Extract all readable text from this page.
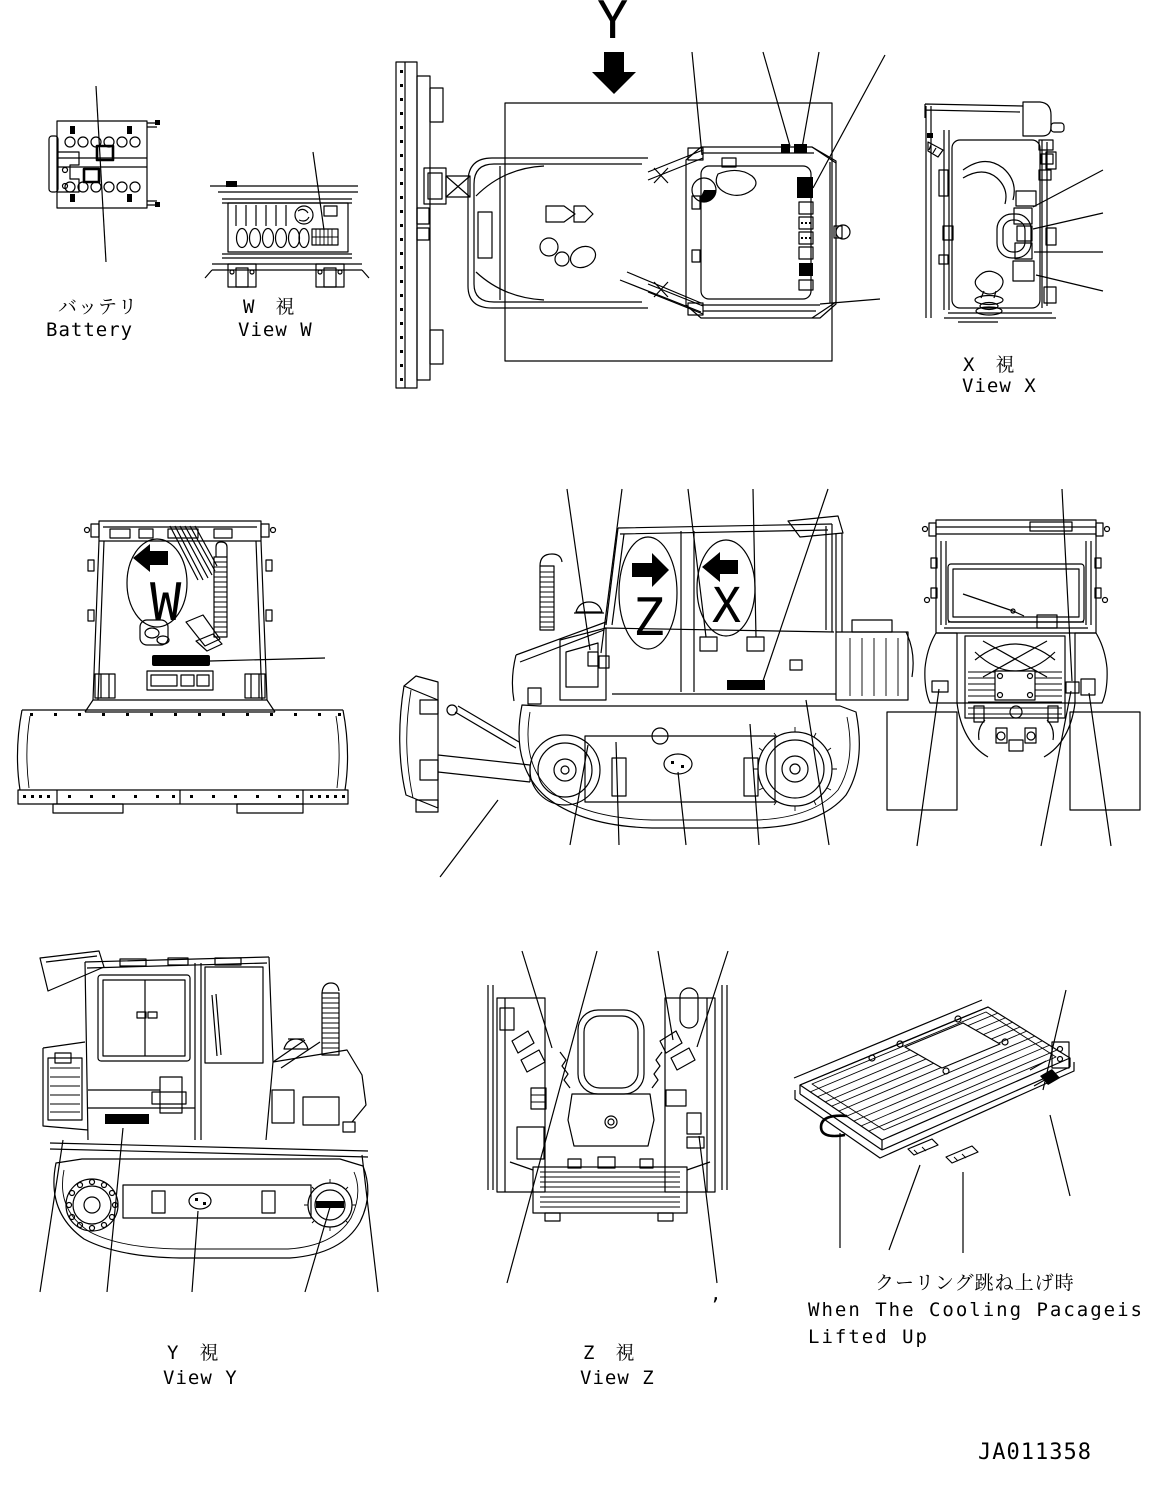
バッテリ
Battery
W　視
View W
Y
X　視
View X
W	Z X
Y　視
View Y
,
Z　視
View Z
クーリング跳ね上げ時
When The Cooling Pacageis
Lifted Up
JA011358
